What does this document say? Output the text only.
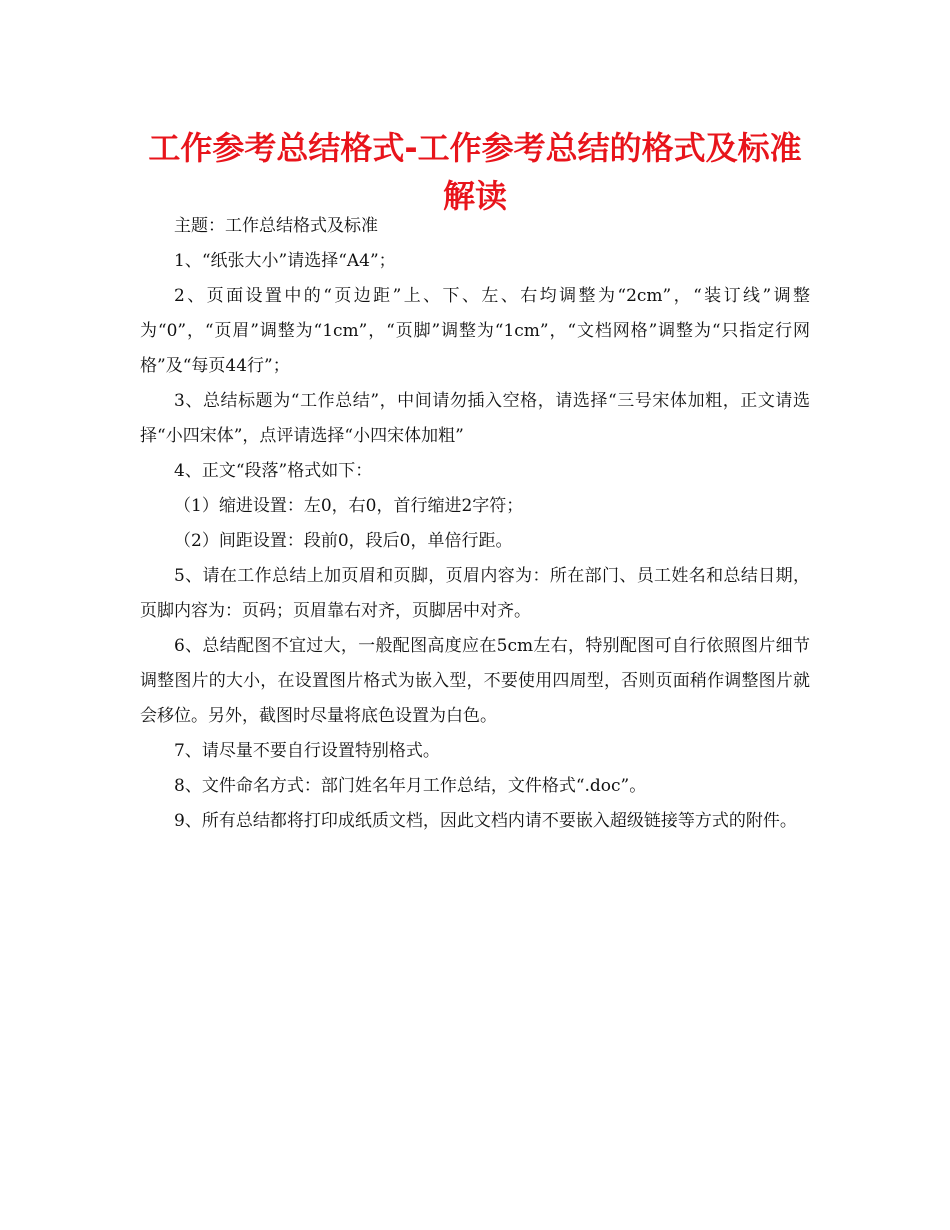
工作参考总结格式-工作参考总结的格式及标准解读

主题：工作总结格式及标准

1、“纸张大小”请选择“A4”；

2、页面设置中的“页边距”上、下、左、右均调整为“2cm”，“装订线”调整为“0”，“页眉”调整为“1cm”，“页脚”调整为“1cm”，“文档网格”调整为“只指定行网格”及“每页44行”；

3、总结标题为“工作总结”，中间请勿插入空格，请选择“三号宋体加粗，正文请选择“小四宋体”，点评请选择“小四宋体加粗”

4、正文“段落”格式如下：

（1）缩进设置：左0，右0，首行缩进2字符；

（2）间距设置：段前0，段后0，单倍行距。

5、请在工作总结上加页眉和页脚，页眉内容为：所在部门、员工姓名和总结日期，页脚内容为：页码；页眉靠右对齐，页脚居中对齐。

6、总结配图不宜过大，一般配图高度应在5cm左右，特别配图可自行依照图片细节调整图片的大小，在设置图片格式为嵌入型，不要使用四周型，否则页面稍作调整图片就会移位。另外，截图时尽量将底色设置为白色。

7、请尽量不要自行设置特别格式。

8、文件命名方式：部门姓名年月工作总结，文件格式“.doc”。

9、所有总结都将打印成纸质文档，因此文档内请不要嵌入超级链接等方式的附件。
